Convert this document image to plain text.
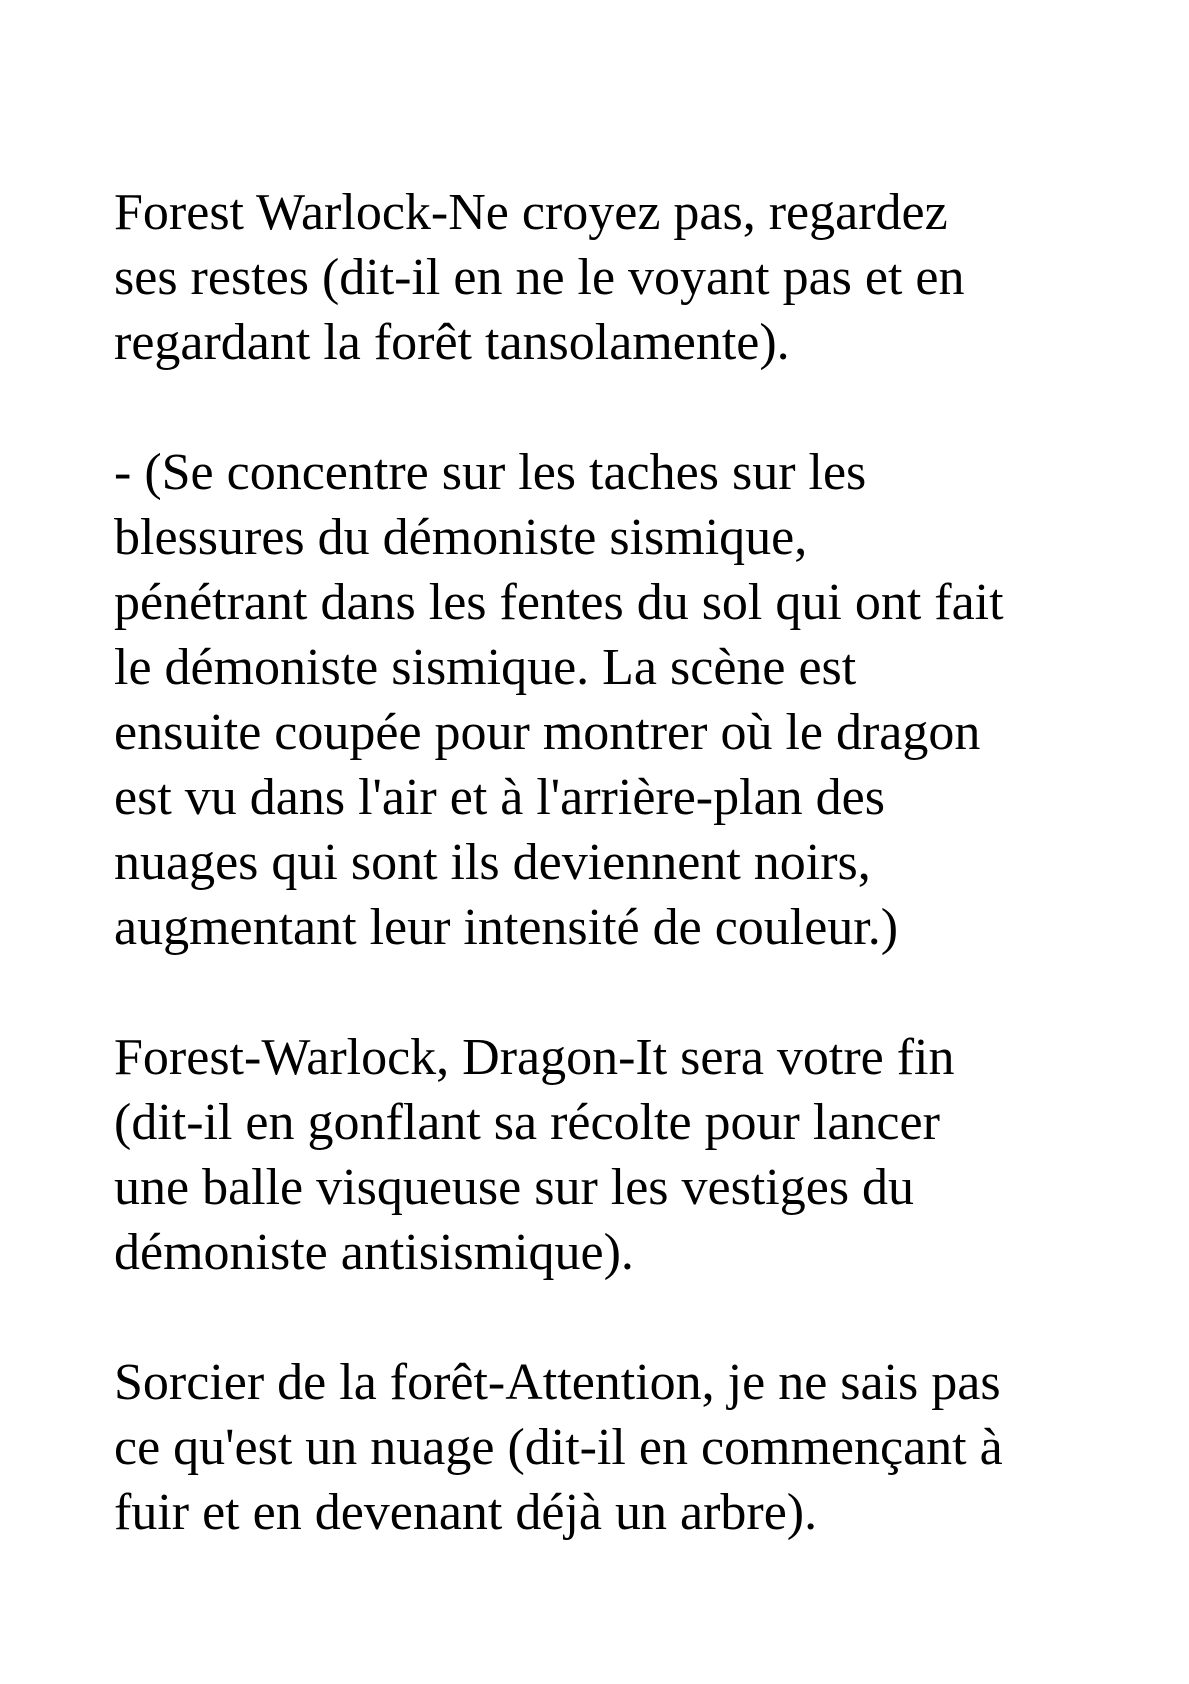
Forest Warlock-Ne croyez pas, regardez
ses restes (dit-il en ne le voyant pas et en
regardant la forêt tansolamente).

- (Se concentre sur les taches sur les
blessures du démoniste sismique,
pénétrant dans les fentes du sol qui ont fait
le démoniste sismique. La scène est
ensuite coupée pour montrer où le dragon
est vu dans l'air et à l'arrière-plan des
nuages qui sont ils deviennent noirs,
augmentant leur intensité de couleur.)

Forest-Warlock, Dragon-It sera votre fin
(dit-il en gonflant sa récolte pour lancer
une balle visqueuse sur les vestiges du
démoniste antisismique).

Sorcier de la forêt-Attention, je ne sais pas
ce qu'est un nuage (dit-il en commençant à
fuir et en devenant déjà un arbre).
